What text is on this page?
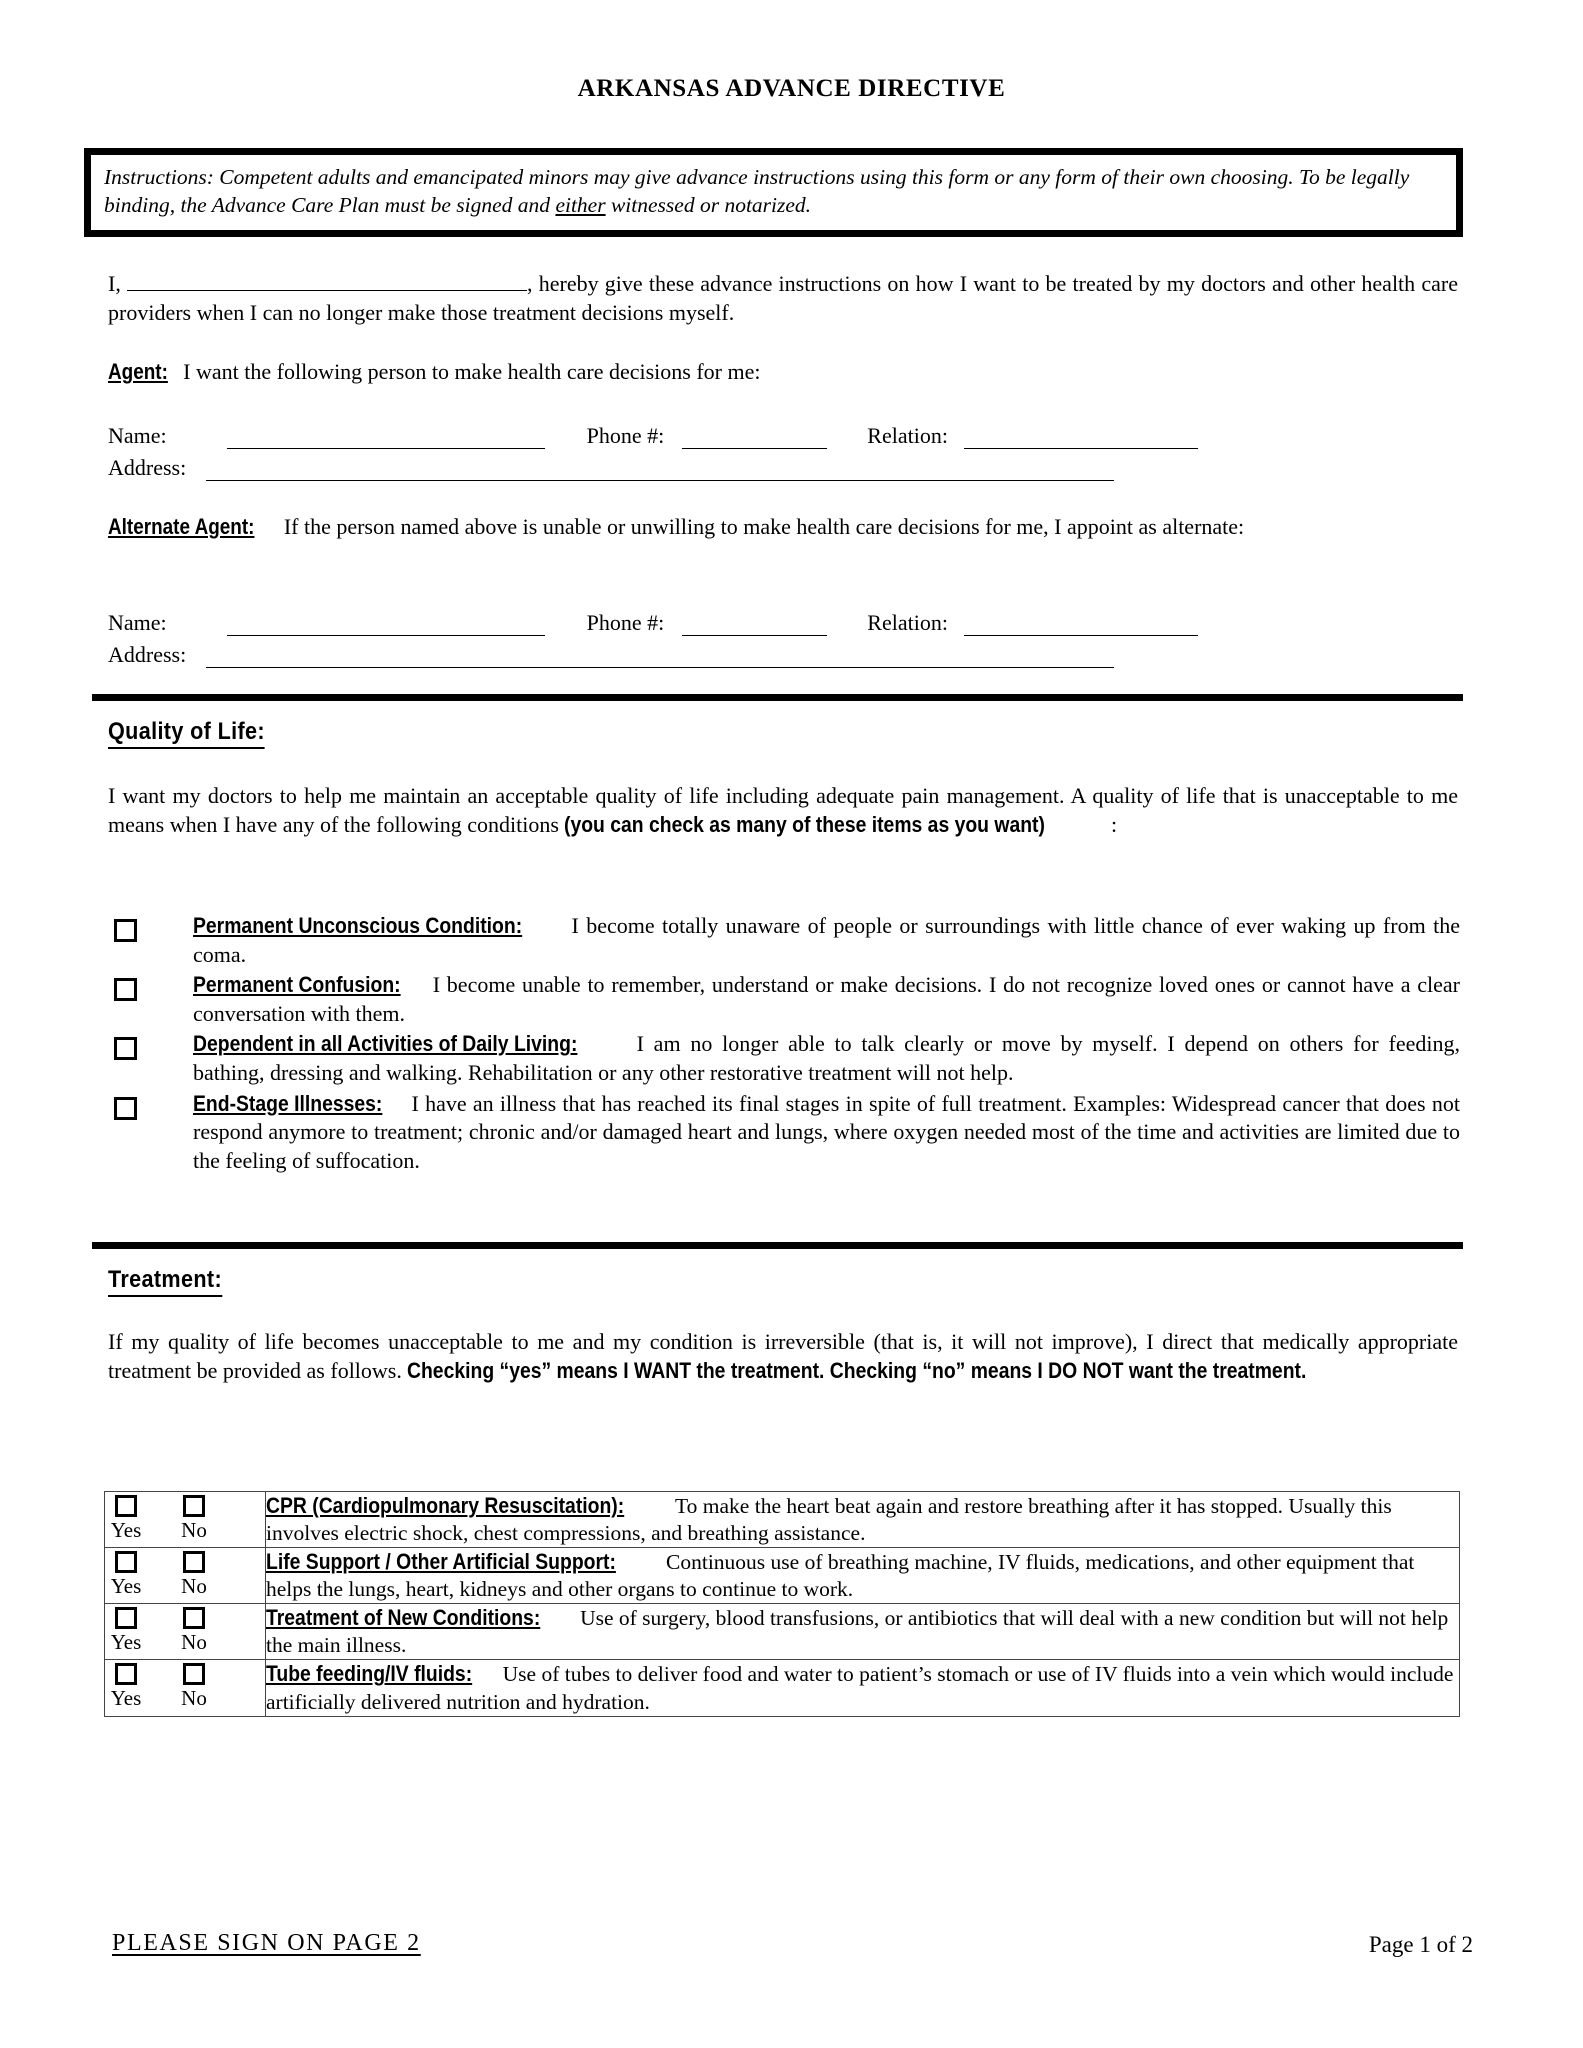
ARKANSAS ADVANCE DIRECTIVE
Instructions: Competent adults and emancipated minors may give advance instructions using this form or any form of their own choosing. To be legally binding, the Advance Care Plan must be signed and either witnessed or notarized.
I,	, hereby give these advance instructions on how I want to be treated by my doctors and other health care providers when I can no longer make those treatment decisions myself.
Agent: I want the following person to make health care decisions for me:
Name:	Phone #:	Relation:
Address:
Alternate Agent: If the person named above is unable or unwilling to make health care decisions for me, I appoint as alternate:
Name:	Phone #:	Relation:
Address:
Quality of Life:
I want my doctors to help me maintain an acceptable quality of life including adequate pain management. A quality of life that is unacceptable to me means when I have any of the following conditions (you can check as many of these items as you want)	:
Permanent Unconscious Condition: I become totally unaware of people or surroundings with little chance of ever waking up from the coma.
Permanent Confusion: I become unable to remember, understand or make decisions. I do not recognize loved ones or cannot have a clear conversation with them.
Dependent in all Activities of Daily Living: I am no longer able to talk clearly or move by myself. I depend on others for feeding, bathing, dressing and walking. Rehabilitation or any other restorative treatment will not help.
End-Stage Illnesses: I have an illness that has reached its final stages in spite of full treatment. Examples: Widespread cancer that does not respond anymore to treatment; chronic and/or damaged heart and lungs, where oxygen needed most of the time and activities are limited due to the feeling of suffocation.
Treatment:
If my quality of life becomes unacceptable to me and my condition is irreversible (that is, it will not improve), I direct that medically appropriate treatment be provided as follows. Checking “yes” means I WANT the treatment. Checking “no” means I DO NOT want the treatment.
Yes No	CPR (Cardiopulmonary Resuscitation): To make the heart beat again and restore breathing after it has stopped. Usually this involves electric shock, chest compressions, and breathing assistance.

Yes No	Life Support / Other Artificial Support: Continuous use of breathing machine, IV fluids, medications, and other equipment that helps the lungs, heart, kidneys and other organs to continue to work.

Yes No	Treatment of New Conditions: Use of surgery, blood transfusions, or antibiotics that will deal with a new condition but will not help the main illness.

Yes No	Tube feeding/IV fluids: Use of tubes to deliver food and water to patient’s stomach or use of IV fluids into a vein which would include artificially delivered nutrition and hydration.
PLEASE SIGN ON PAGE 2	Page 1 of 2
